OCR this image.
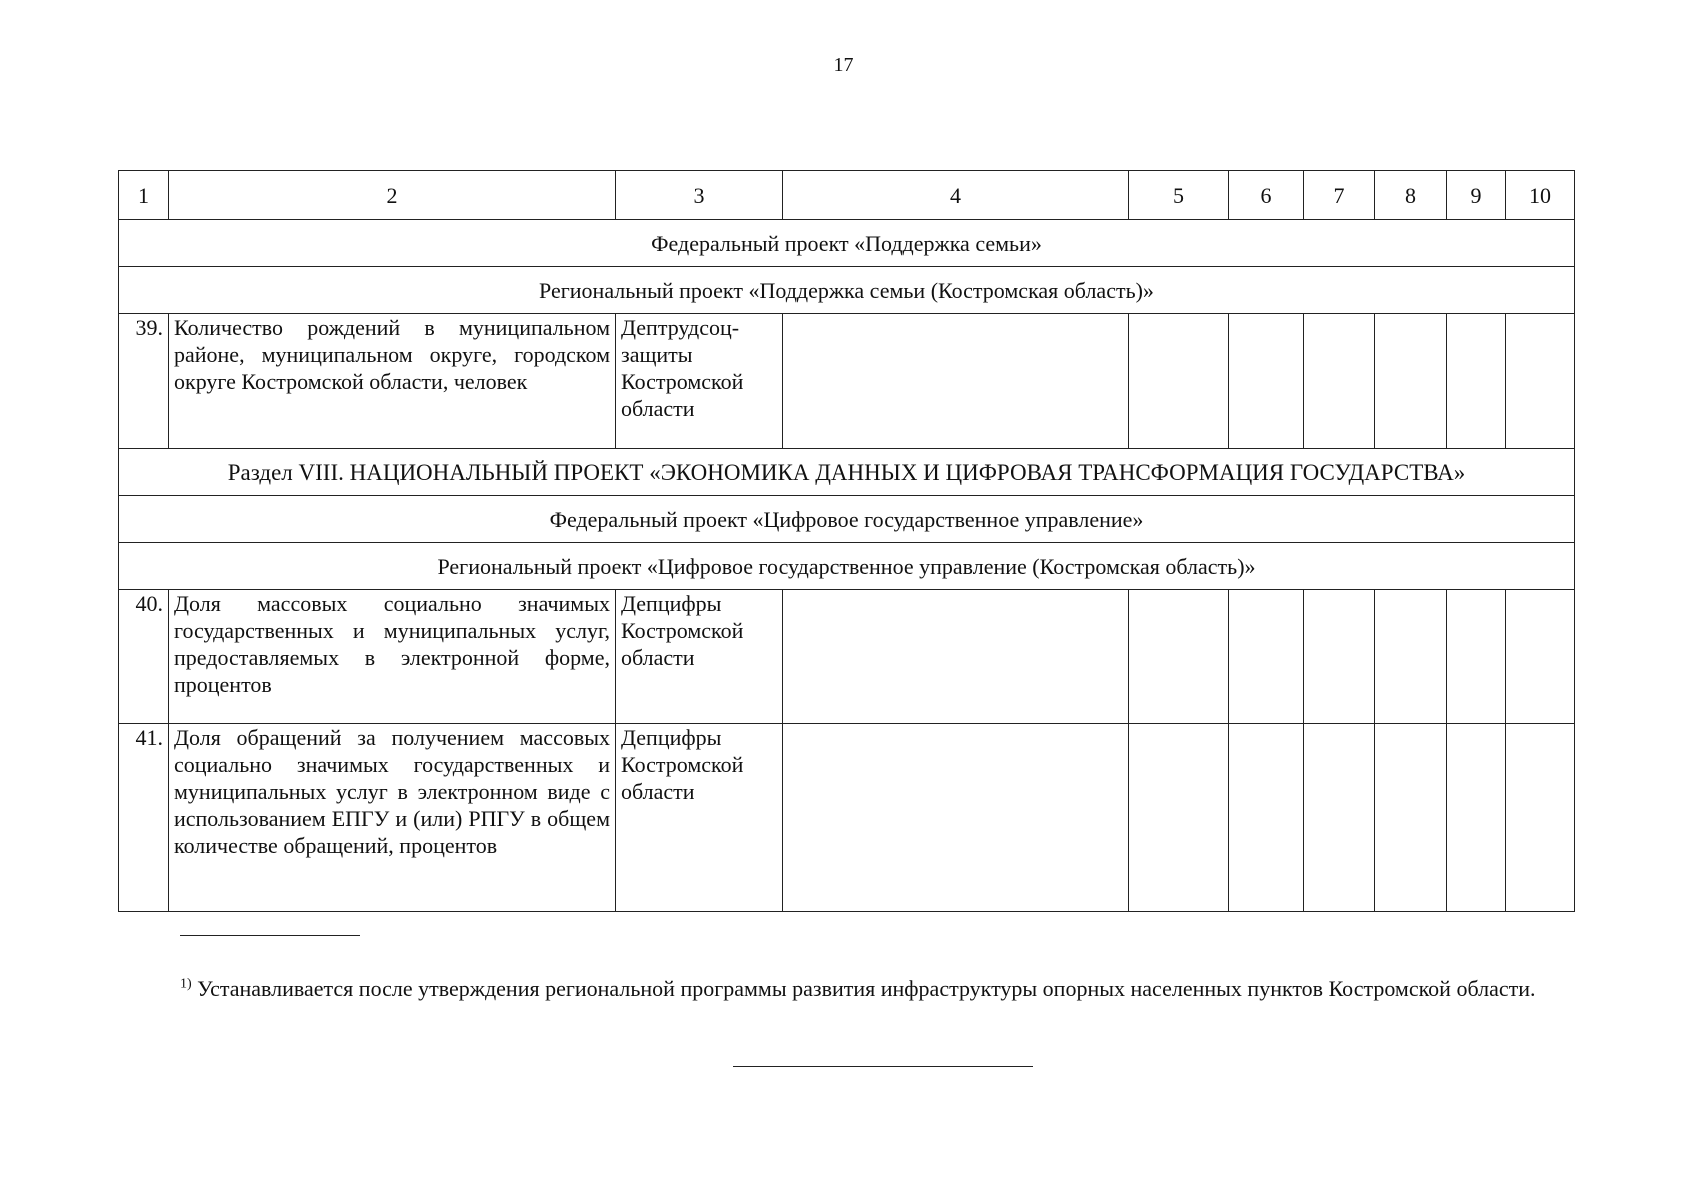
17
1	2	3	4	5	6	7	8	9	10
Федеральный проект «Поддержка семьи»									
Региональный проект «Поддержка семьи (Костромская область)»									
39.	Количество рождений в муниципальном районе, муниципальном округе, городском округе Костромской области, человек	Дептрудсоц-защиты Костромской области							
Раздел VIII. НАЦИОНАЛЬНЫЙ ПРОЕКТ «ЭКОНОМИКА ДАННЫХ И ЦИФРОВАЯ ТРАНСФОРМАЦИЯ ГОСУДАРСТВА»									
Федеральный проект «Цифровое государственное управление»									
Региональный проект «Цифровое государственное управление (Костромская область)»									
40.	Доля массовых социально значимых государственных и муниципальных услуг, предоставляемых в электронной форме, процентов	Депцифры Костромской области							
41.	Доля обращений за получением массовых социально значимых государственных и муниципальных услуг в электронном виде с использованием ЕПГУ и (или) РПГУ в общем количестве обращений, процентов	Депцифры Костромской области							

$^{1)}$ Устанавливается после утверждения региональной программы развития инфраструктуры опорных населенных пунктов Костромской области.
